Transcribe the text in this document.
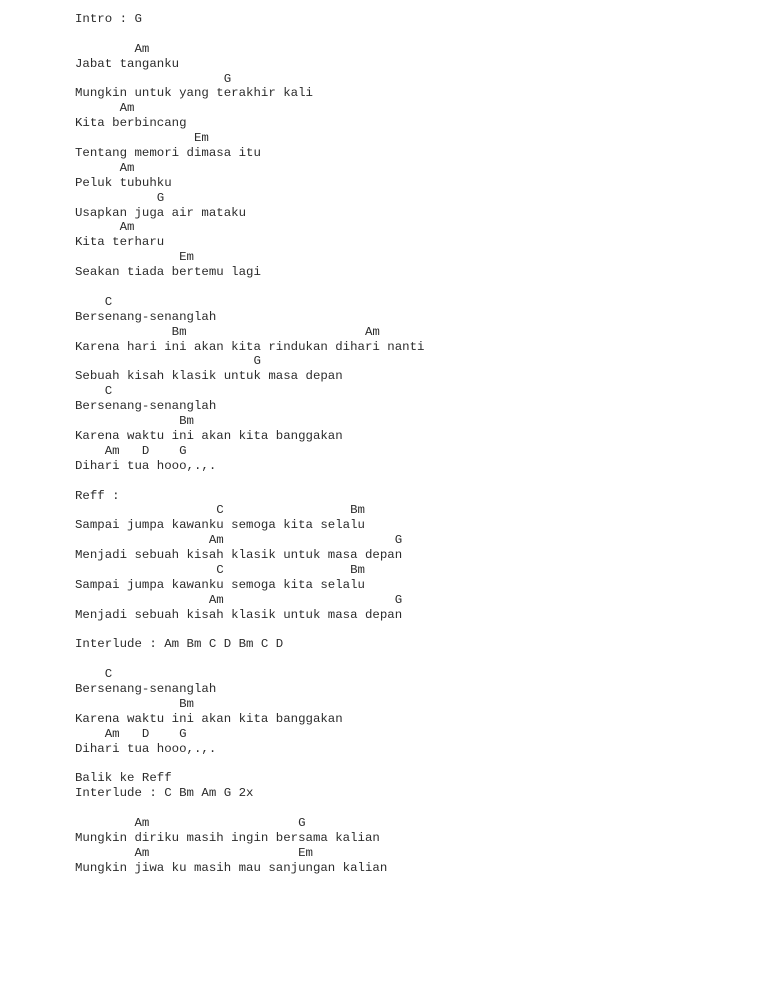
Intro : G
Am
Jabat tanganku
G
Mungkin untuk yang terakhir kali
Am
Kita berbincang
Em
Tentang memori dimasa itu
Am
Peluk tubuhku
G
Usapkan juga air mataku
Am
Kita terharu
Em
Seakan tiada bertemu lagi
C
Bersenang-senanglah
Bm                        Am
Karena hari ini akan kita rindukan dihari nanti
G
Sebuah kisah klasik untuk masa depan
C
Bersenang-senanglah
Bm
Karena waktu ini akan kita banggakan
Am   D    G
Dihari tua hooo,.,.
Reff :
C                 Bm
Sampai jumpa kawanku semoga kita selalu
Am                       G
Menjadi sebuah kisah klasik untuk masa depan
C                 Bm
Sampai jumpa kawanku semoga kita selalu
Am                       G
Menjadi sebuah kisah klasik untuk masa depan
Interlude : Am Bm C D Bm C D
C
Bersenang-senanglah
Bm
Karena waktu ini akan kita banggakan
Am   D    G
Dihari tua hooo,.,.
Balik ke Reff
Interlude : C Bm Am G 2x
Am                    G
Mungkin diriku masih ingin bersama kalian
Am                    Em
Mungkin jiwa ku masih mau sanjungan kalian
